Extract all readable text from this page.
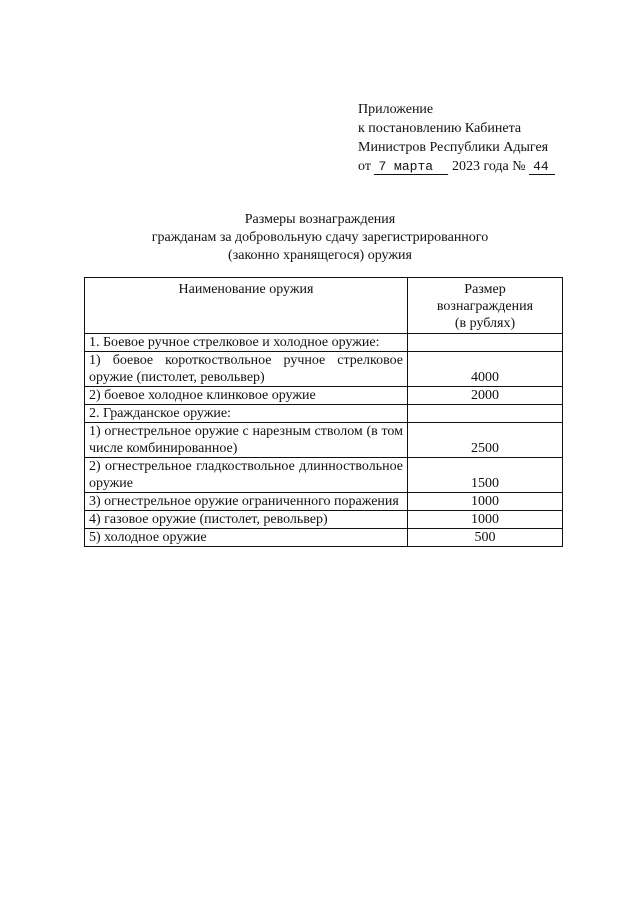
Приложение
к постановлению Кабинета
Министров Республики Адыгея
от 7 марта 2023 года № 44
Размеры вознаграждения
гражданам за добровольную сдачу зарегистрированного
(законно хранящегося) оружия
Наименование оружия	Размер
вознаграждения
(в рублях)

1. Боевое ручное стрелковое и холодное оружие:	
1) боевое короткоствольное ручное стрелковое оружие (пистолет, револьвер)	4000
2) боевое холодное клинковое оружие	2000
2. Гражданское оружие:	
1) огнестрельное оружие с нарезным стволом (в том числе комбинированное)	2500
2) огнестрельное гладкоствольное длинноствольное оружие	1500
3) огнестрельное оружие ограниченного поражения	1000
4) газовое оружие (пистолет, револьвер)	1000
5) холодное оружие	500
